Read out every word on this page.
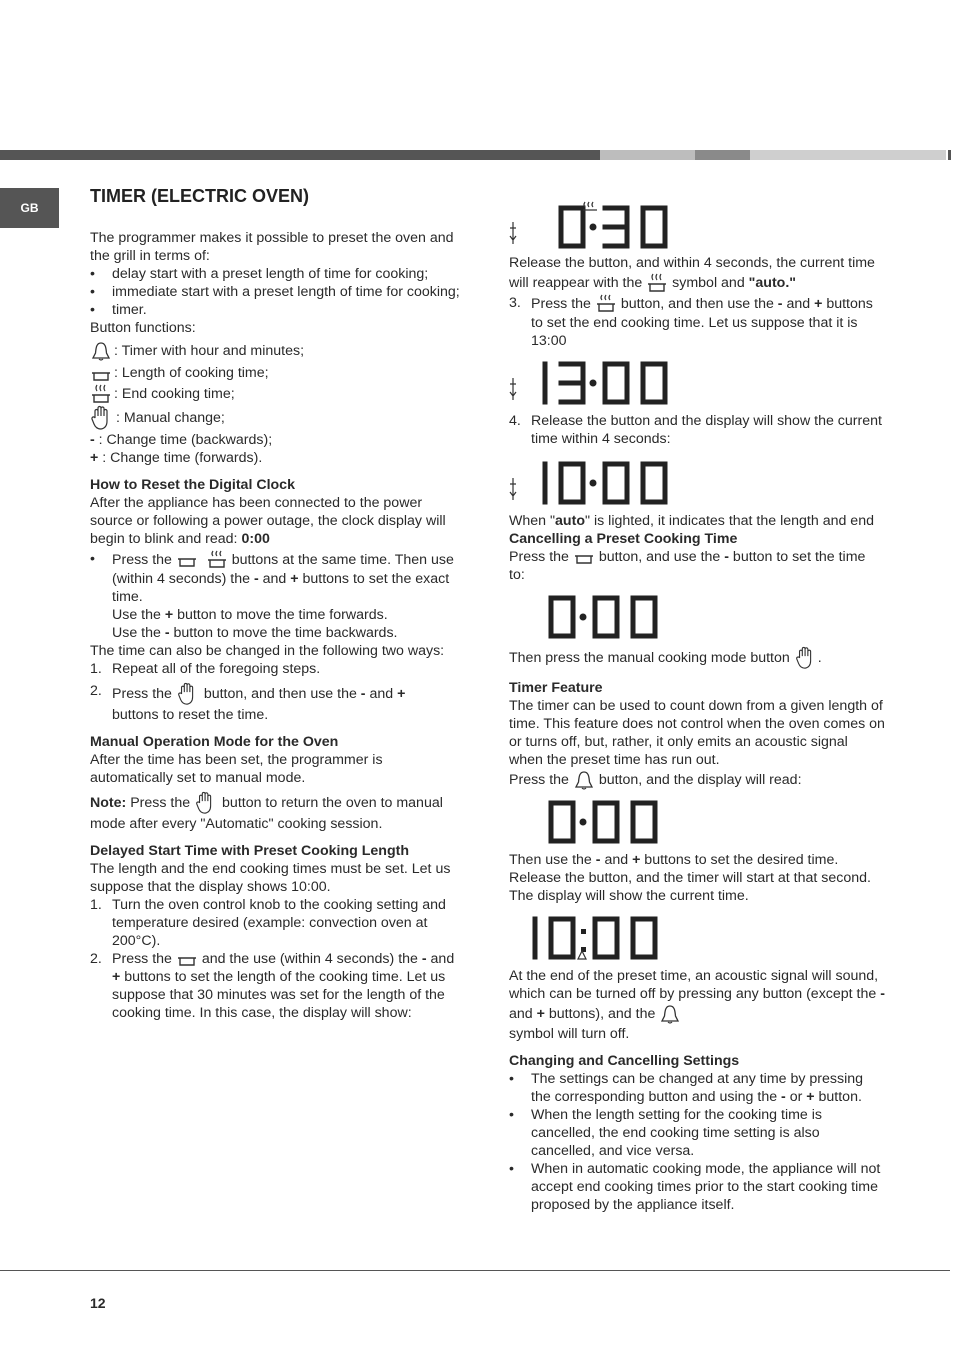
GB
TIMER (ELECTRIC OVEN)

The programmer makes it possible to preset the oven and the grill in terms of:

• delay start with a preset length of time for cooking;
• immediate start with a preset length of time for cooking;
• timer.

Button functions:

: Timer with hour and minutes;
: Length of cooking time;
: End cooking time;
: Manual change;

- : Change time (backwards);

+ : Change time (forwards).

How to Reset the Digital Clock

After the appliance has been connected to the power source or following a power outage, the clock display will begin to blink and read: 0:00

• Press the	buttons at the same time. Then use (within 4 seconds) the - and + buttons to set the exact time.
Use the + button to move the time forwards.
Use the - button to move the time backwards.

The time can also be changed in the following two ways:

1. Repeat all of the foregoing steps.
2. Press the  button, and then use the - and +
buttons to reset the time.

Manual Operation Mode for the Oven

After the time has been set, the programmer is automatically set to manual mode.

Note: Press the  button to return the oven to manual mode after every "Automatic" cooking session.

Delayed Start Time with Preset Cooking Length

The length and the end cooking times must be set. Let us suppose that the display shows 10:00.

1. Turn the oven control knob to the cooking setting and temperature desired (example: convection oven at 200°C).
2. Press the  and the use (within 4 seconds) the - and + buttons to set the length of the cooking time. Let us suppose that 30 minutes was set for the length of the cooking time. In this case, the display will show:

Release the button, and within 4 seconds, the current time will reappear with the  symbol and "auto."

3. Press the  button, and then use the - and + buttons to set the end cooking time. Let us suppose that it is 13:00
4. Release the button and the display will show the current time within 4 seconds:

When "auto" is lighted, it indicates that the length and end Cancelling a Preset Cooking Time

Press the  button, and use the - button to set the time to:

Then press the manual cooking mode button .

Timer Feature

The timer can be used to count down from a given length of time. This feature does not control when the oven comes on or turns off, but, rather, it only emits an acoustic signal when the preset time has run out.

Press the  button, and the display will read:

Then use the - and + buttons to set the desired time. Release the button, and the timer will start at that second. The display will show the current time.

At the end of the preset time, an acoustic signal will sound, which can be turned off by pressing any button (except the - and + buttons), and the
symbol will turn off.

Changing and Cancelling Settings

• The settings can be changed at any time by pressing the corresponding button and using the - or + button.
• When the length setting for the cooking time is cancelled, the end cooking time setting is also cancelled, and vice versa.
• When in automatic cooking mode, the appliance will not accept end cooking times prior to the start cooking time proposed by the appliance itself.
12
